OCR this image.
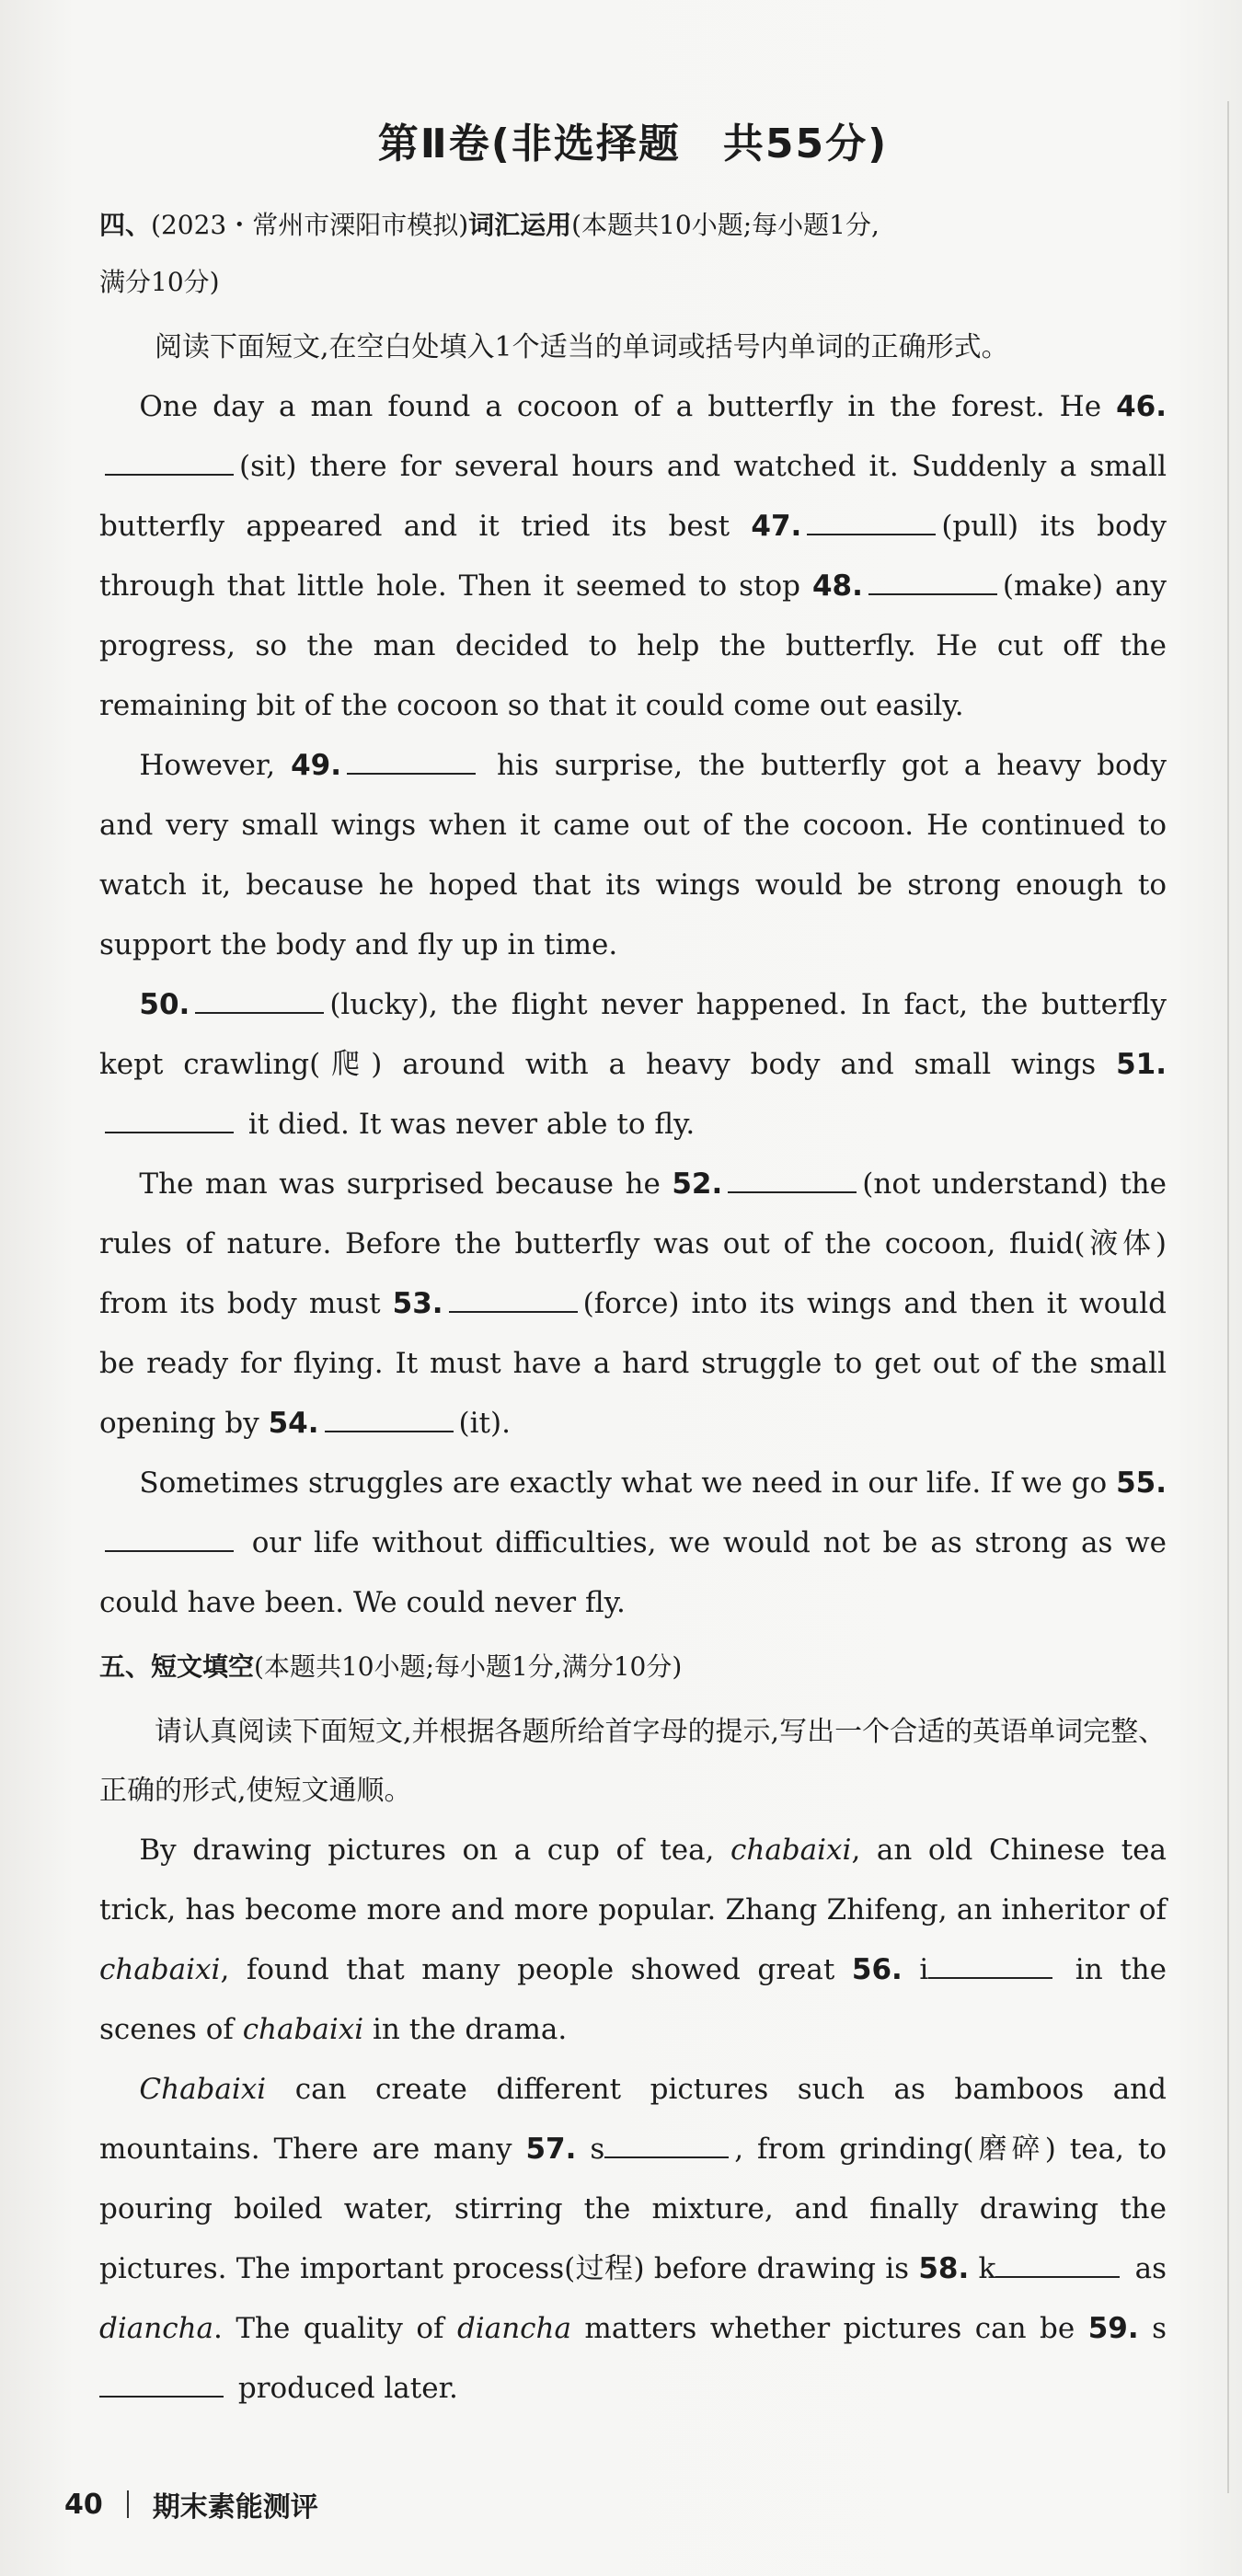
第Ⅱ卷(非选择题　共55分)
四、(2023・常州市溧阳市模拟)词汇运用(本题共10小题;每小题1分,
满分10分)

阅读下面短文,在空白处填入1个适当的单词或括号内单词的正确形式。

One day a man found a cocoon of a butterfly in the forest. He 46.(sit) there for several hours and watched it. Suddenly a small butterfly appeared and it tried its best 47.	(pull) its body through that little hole. Then it seemed to stop 48.	(make) any progress, so the man decided to help the butterfly. He cut off the remaining bit of the cocoon so that it could come out easily.

However, 49.	his surprise, the butterfly got a heavy body and very small wings when it came out of the cocoon. He continued to watch it, because he hoped that its wings would be strong enough to support the body and fly up in time.

50.	(lucky), the flight never happened. In fact, the butterfly kept crawling(爬) around with a heavy body and small wings 51. it died. It was never able to fly.

The man was surprised because he 52.	(not understand) the rules of nature. Before the butterfly was out of the cocoon, fluid(液体) from its body must 53.	(force) into its wings and then it would be ready for flying. It must have a hard struggle to get out of the small opening by 54.	(it).

Sometimes struggles are exactly what we need in our life. If we go 55. our life without difficulties, we would not be as strong as we could have been. We could never fly.

五、短文填空(本题共10小题;每小题1分,满分10分)

请认真阅读下面短文,并根据各题所给首字母的提示,写出一个合适的英语单词完整、正确的形式,使短文通顺。

By drawing pictures on a cup of tea, chabaixi, an old Chinese tea trick, has become more and more popular. Zhang Zhifeng, an inheritor of chabaixi, found that many people showed great 56. i	in the scenes of chabaixi in the drama.

Chabaixi can create different pictures such as bamboos and mountains. There are many 57. s	, from grinding(磨碎) tea, to pouring boiled water, stirring the mixture, and finally drawing the pictures. The important process(过程) before drawing is 58. k	as diancha. The quality of diancha matters whether pictures can be 59. s produced later.

40 期末素能测评
